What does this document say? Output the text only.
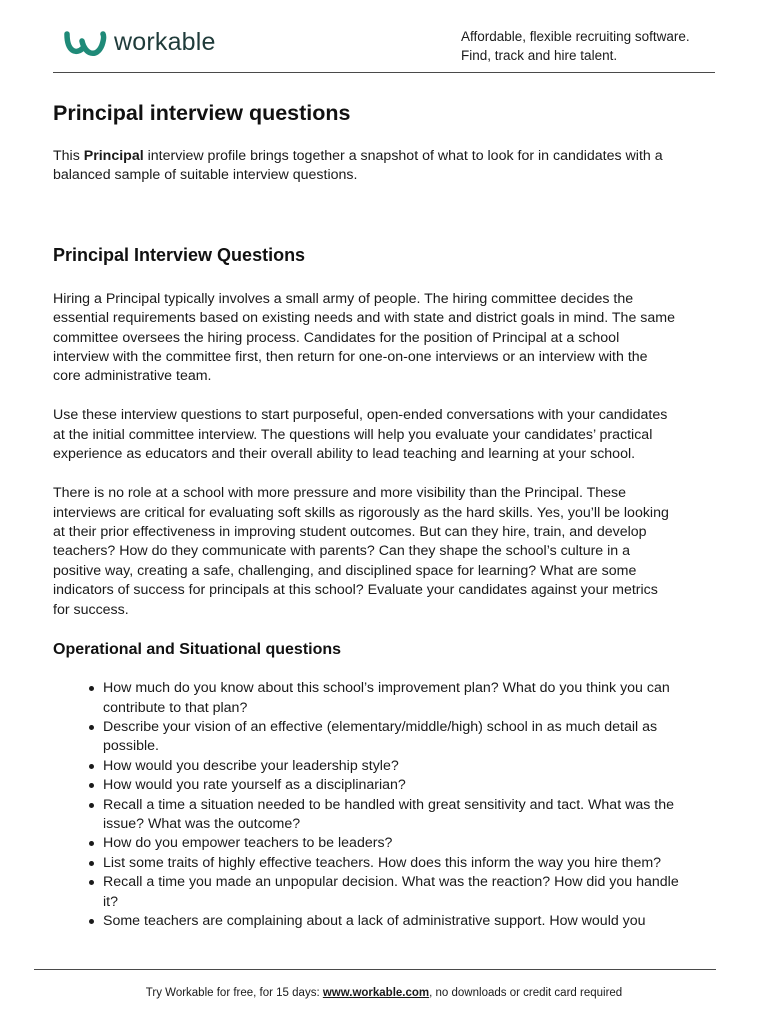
workable	Affordable, flexible recruiting software.
Find, track and hire talent.
Principal interview questions

This Principal interview profile brings together a snapshot of what to look for in candidates with a
balanced sample of suitable interview questions.

Principal Interview Questions

Hiring a Principal typically involves a small army of people. The hiring committee decides the
essential requirements based on existing needs and with state and district goals in mind. The same
committee oversees the hiring process. Candidates for the position of Principal at a school
interview with the committee first, then return for one-on-one interviews or an interview with the
core administrative team.

Use these interview questions to start purposeful, open-ended conversations with your candidates
at the initial committee interview. The questions will help you evaluate your candidates’ practical
experience as educators and their overall ability to lead teaching and learning at your school.

There is no role at a school with more pressure and more visibility than the Principal. These
interviews are critical for evaluating soft skills as rigorously as the hard skills. Yes, you’ll be looking
at their prior effectiveness in improving student outcomes. But can they hire, train, and develop
teachers? How do they communicate with parents? Can they shape the school’s culture in a
positive way, creating a safe, challenging, and disciplined space for learning? What are some
indicators of success for principals at this school? Evaluate your candidates against your metrics
for success.

Operational and Situational questions
How much do you know about this school’s improvement plan? What do you think you can
contribute to that plan?
Describe your vision of an effective (elementary/middle/high) school in as much detail as
possible.
How would you describe your leadership style?
How would you rate yourself as a disciplinarian?
Recall a time a situation needed to be handled with great sensitivity and tact. What was the
issue? What was the outcome?
How do you empower teachers to be leaders?
List some traits of highly effective teachers. How does this inform the way you hire them?
Recall a time you made an unpopular decision. What was the reaction? How did you handle
it?
Some teachers are complaining about a lack of administrative support. How would you
Try Workable for free, for 15 days: www.workable.com, no downloads or credit card required
